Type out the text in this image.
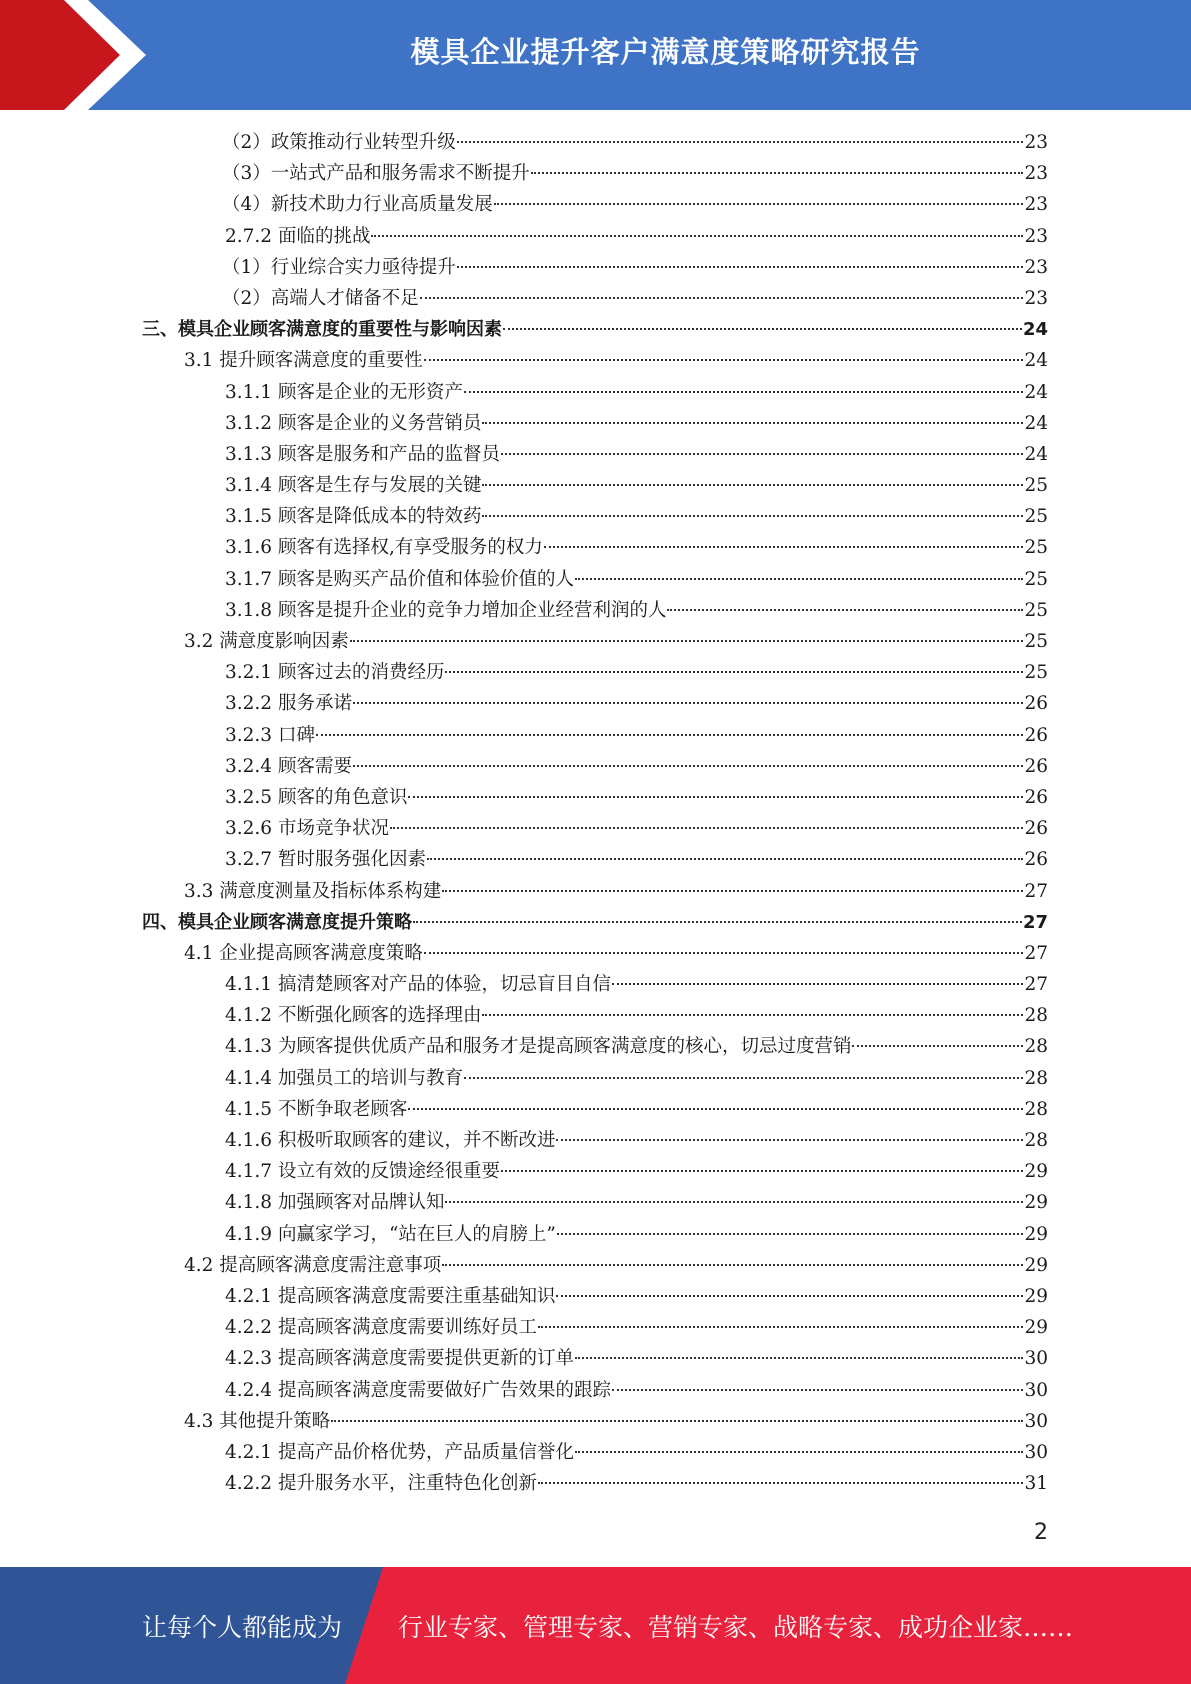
模具企业提升客户满意度策略研究报告
（2）政策推动行业转型升级	23
（3）一站式产品和服务需求不断提升	23
（4）新技术助力行业高质量发展	23
2.7.2 面临的挑战	23
（1）行业综合实力亟待提升	23
（2）高端人才储备不足	23
三、模具企业顾客满意度的重要性与影响因素	24
3.1 提升顾客满意度的重要性	24
3.1.1 顾客是企业的无形资产	24
3.1.2 顾客是企业的义务营销员	24
3.1.3 顾客是服务和产品的监督员	24
3.1.4 顾客是生存与发展的关键	25
3.1.5 顾客是降低成本的特效药	25
3.1.6 顾客有选择权,有享受服务的权力	25
3.1.7 顾客是购买产品价值和体验价值的人	25
3.1.8 顾客是提升企业的竞争力增加企业经营利润的人	25
3.2 满意度影响因素	25
3.2.1 顾客过去的消费经历	25
3.2.2 服务承诺	26
3.2.3 口碑	26
3.2.4 顾客需要	26
3.2.5 顾客的角色意识	26
3.2.6 市场竞争状况	26
3.2.7 暂时服务强化因素	26
3.3 满意度测量及指标体系构建	27
四、模具企业顾客满意度提升策略	27
4.1 企业提高顾客满意度策略	27
4.1.1 搞清楚顾客对产品的体验，切忌盲目自信	27
4.1.2 不断强化顾客的选择理由	28
4.1.3 为顾客提供优质产品和服务才是提高顾客满意度的核心，切忌过度营销	28
4.1.4 加强员工的培训与教育	28
4.1.5 不断争取老顾客	28
4.1.6 积极听取顾客的建议，并不断改进	28
4.1.7 设立有效的反馈途经很重要	29
4.1.8 加强顾客对品牌认知	29
4.1.9 向赢家学习，“站在巨人的肩膀上”	29
4.2 提高顾客满意度需注意事项	29
4.2.1 提高顾客满意度需要注重基础知识	29
4.2.2 提高顾客满意度需要训练好员工	29
4.2.3 提高顾客满意度需要提供更新的订单	30
4.2.4 提高顾客满意度需要做好广告效果的跟踪	30
4.3 其他提升策略	30
4.2.1 提高产品价格优势，产品质量信誉化	30
4.2.2 提升服务水平，注重特色化创新	31
2
让每个人都能成为 行业专家、管理专家、营销专家、战略专家、成功企业家……
